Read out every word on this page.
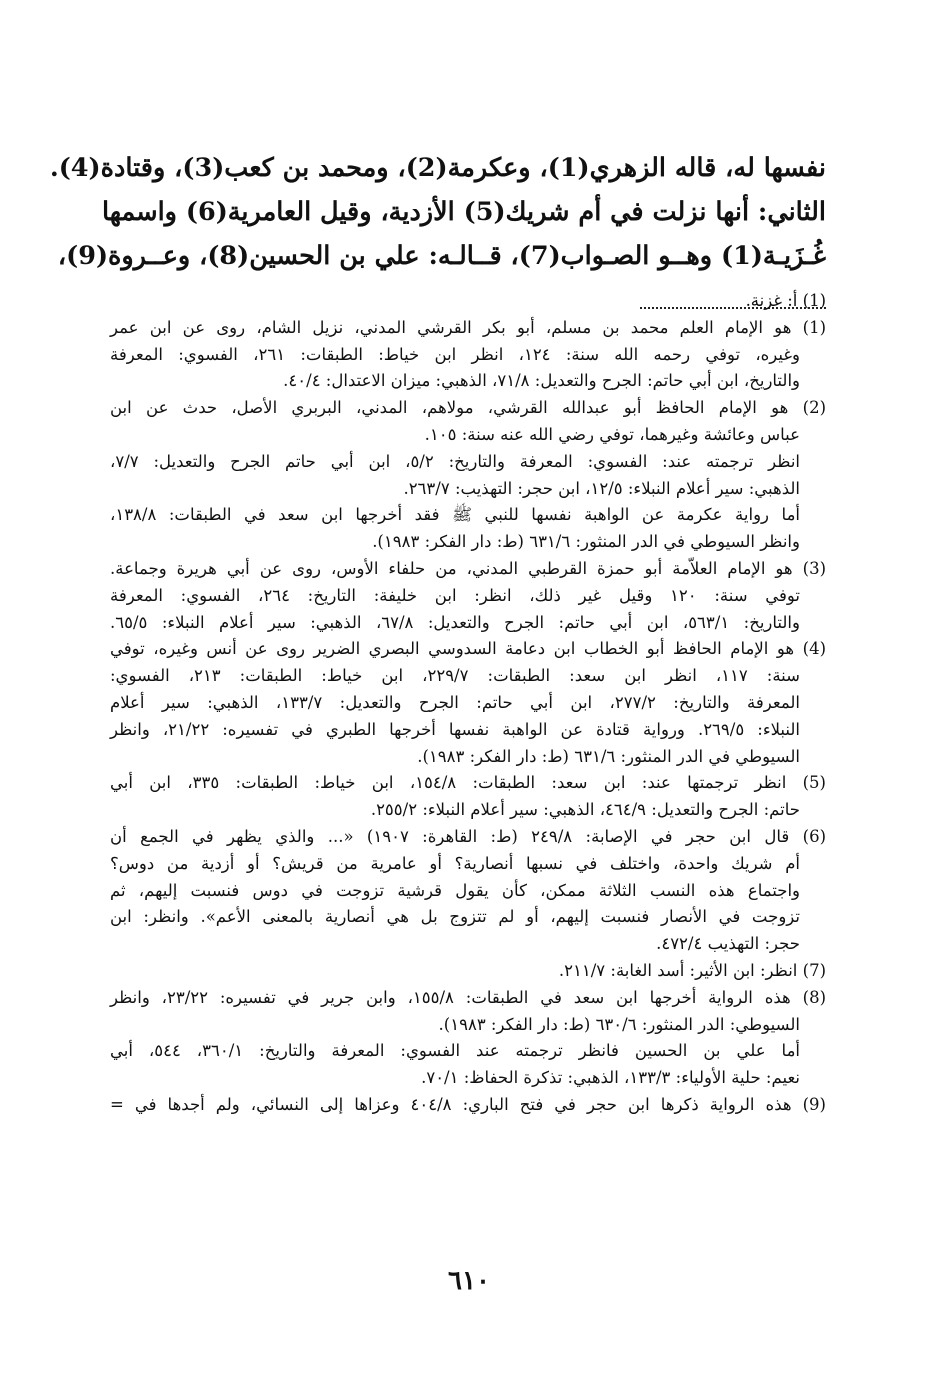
نفسها له، قاله الزهري(1)، وعكرمة(2)، ومحمد بن كعب(3)، وقتادة(4).

الثاني: أنها نزلت في أم شريك(5) الأزدية، وقيل العامرية(6) واسمها

غُـزَيـة(1) وهــو الصـواب(7)، قــالـه: علي بن الحسين(8)، وعــروة(9)،

(1) أ: غزنة.
(1) هو الإمام العلم محمد بن مسلم، أبو بكر القرشي المدني، نزيل الشام، روى عن ابن عمر
وغيره، توفي رحمه الله سنة: ١٢٤، انظر ابن خياط: الطبقات: ٢٦١، الفسوي: المعرفة
والتاريخ، ابن أبي حاتم: الجرح والتعديل: ٧١/٨، الذهبي: ميزان الاعتدال: ٤٠/٤.
(2) هو الإمام الحافظ أبو عبدالله القرشي، مولاهم، المدني، البربري الأصل، حدث عن ابن
عباس وعائشة وغيرهما، توفي رضي الله عنه سنة: ١٠٥.
انظر ترجمته عند: الفسوي: المعرفة والتاريخ: ٥/٢، ابن أبي حاتم الجرح والتعديل: ٧/٧،
الذهبي: سير أعلام النبلاء: ١٢/٥، ابن حجر: التهذيب: ٢٦٣/٧.
أما رواية عكرمة عن الواهبة نفسها للنبي ﷺ فقد أخرجها ابن سعد في الطبقات: ١٣٨/٨،
وانظر السيوطي في الدر المنثور: ٦٣١/٦ (ط: دار الفكر: ١٩٨٣).
(3) هو الإمام العلاّمة أبو حمزة القرطبي المدني، من حلفاء الأوس، روى عن أبي هريرة وجماعة.
توفي سنة: ١٢٠ وقيل غير ذلك، انظر: ابن خليفة: التاريخ: ٢٦٤، الفسوي: المعرفة
والتاريخ: ٥٦٣/١، ابن أبي حاتم: الجرح والتعديل: ٦٧/٨، الذهبي: سير أعلام النبلاء: ٦٥/٥.
(4) هو الإمام الحافظ أبو الخطاب ابن دعامة السدوسي البصري الضرير روى عن أنس وغيره، توفي
سنة: ١١٧، انظر ابن سعد: الطبقات: ٢٢٩/٧، ابن خياط: الطبقات: ٢١٣، الفسوي:
المعرفة والتاريخ: ٢٧٧/٢، ابن أبي حاتم: الجرح والتعديل: ١٣٣/٧، الذهبي: سير أعلام
النبلاء: ٢٦٩/٥. ورواية قتادة عن الواهبة نفسها أخرجها الطبري في تفسيره: ٢١/٢٢، وانظر
السيوطي في الدر المنثور: ٦٣١/٦ (ط: دار الفكر: ١٩٨٣).
(5) انظر ترجمتها عند: ابن سعد: الطبقات: ١٥٤/٨، ابن خياط: الطبقات: ٣٣٥، ابن أبي
حاتم: الجرح والتعديل: ٤٦٤/٩، الذهبي: سير أعلام النبلاء: ٢٥٥/٢.
(6) قال ابن حجر في الإصابة: ٢٤٩/٨ (ط: القاهرة: ١٩٠٧) «... والذي يظهر في الجمع أن
أم شريك واحدة، واختلف في نسبها أنصارية؟ أو عامرية من قريش؟ أو أزدية من دوس؟
واجتماع هذه النسب الثلاثة ممكن، كأن يقول قرشية تزوجت في دوس فنسبت إليهم، ثم
تزوجت في الأنصار فنسبت إليهم، أو لم تتزوج بل هي أنصارية بالمعنى الأعم». وانظر: ابن
حجر: التهذيب ٤٧٢/٤.
(7) انظر: ابن الأثير: أسد الغابة: ٢١١/٧.
(8) هذه الرواية أخرجها ابن سعد في الطبقات: ١٥٥/٨، وابن جرير في تفسيره: ٢٣/٢٢، وانظر
السيوطي: الدر المنثور: ٦٣٠/٦ (ط: دار الفكر: ١٩٨٣).
أما علي بن الحسين فانظر ترجمته عند الفسوي: المعرفة والتاريخ: ٣٦٠/١، ٥٤٤، أبي
نعيم: حلية الأولياء: ١٣٣/٣، الذهبي: تذكرة الحفاظ: ٧٠/١.
(9) هذه الرواية ذكرها ابن حجر في فتح الباري: ٤٠٤/٨ وعزاها إلى النسائي، ولم أجدها في =
٦١٠
